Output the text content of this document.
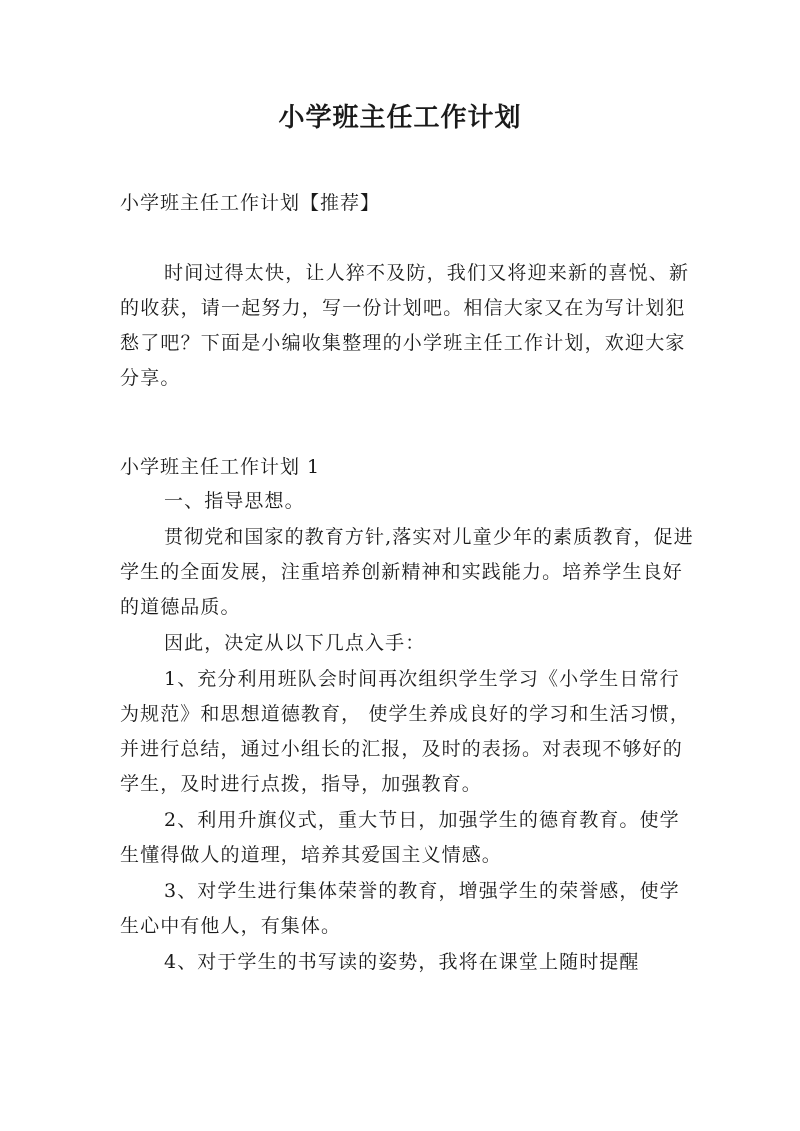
小学班主任工作计划
小学班主任工作计划【推荐】

时间过得太快，让人猝不及防，我们又将迎来新的喜悦、新的收获，请一起努力，写一份计划吧。相信大家又在为写计划犯愁了吧？下面是小编收集整理的小学班主任工作计划，欢迎大家分享。

小学班主任工作计划 1

一、指导思想。

贯彻党和国家的教育方针,落实对儿童少年的素质教育，促进学生的全面发展，注重培养创新精神和实践能力。培养学生良好的道德品质。

因此，决定从以下几点入手：

1、充分利用班队会时间再次组织学生学习《小学生日常行为规范》和思想道德教育， 使学生养成良好的学习和生活习惯，并进行总结，通过小组长的汇报，及时的表扬。对表现不够好的学生，及时进行点拨，指导，加强教育。

2、利用升旗仪式，重大节日，加强学生的德育教育。使学生懂得做人的道理，培养其爱国主义情感。

3、对学生进行集体荣誉的教育，增强学生的荣誉感，使学生心中有他人，有集体。

4、对于学生的书写读的姿势，我将在课堂上随时提醒
